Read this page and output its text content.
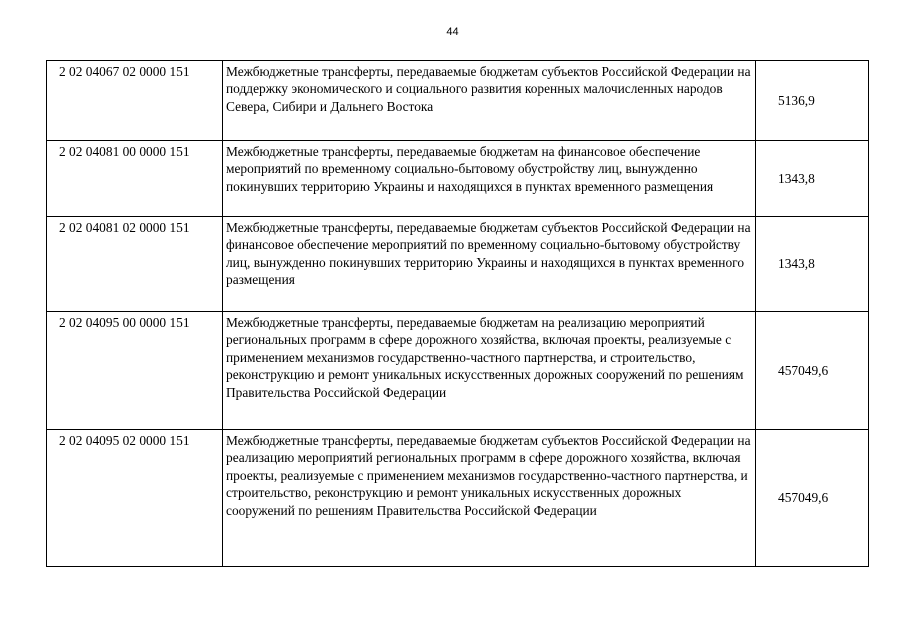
44
2 02 04067 02 0000 151	Межбюджетные трансферты, передаваемые бюджетам субъектов Российской Федерации на поддержку экономического и социального развития коренных малочисленных народов Севера, Сибири и Дальнего Востока	5136,9
2 02 04081 00 0000 151	Межбюджетные трансферты, передаваемые бюджетам на финансовое обеспечение мероприятий по временному социально-бытовому обустройству лиц, вынужденно покинувших территорию Украины и находящихся в пунктах временного размещения	1343,8
2 02 04081 02 0000 151	Межбюджетные трансферты, передаваемые бюджетам субъектов Российской Федерации на финансовое обеспечение мероприятий по временному социально-бытовому обустройству лиц, вынужденно покинувших территорию Украины и находящихся в пунктах временного размещения	1343,8
2 02 04095 00 0000 151	Межбюджетные трансферты, передаваемые бюджетам на реализацию мероприятий региональных программ в сфере дорожного хозяйства, включая проекты, реализуемые с применением механизмов государственно-частного партнерства, и строительство, реконструкцию и ремонт уникальных искусственных дорожных сооружений по решениям Правительства Российской Федерации	457049,6
2 02 04095 02 0000 151	Межбюджетные трансферты, передаваемые бюджетам субъектов Российской Федерации на реализацию мероприятий региональных программ в сфере дорожного хозяйства, включая проекты, реализуемые с применением механизмов государственно-частного партнерства, и строительство, реконструкцию и ремонт уникальных искусственных дорожных сооружений по решениям Правительства Российской Федерации	457049,6
